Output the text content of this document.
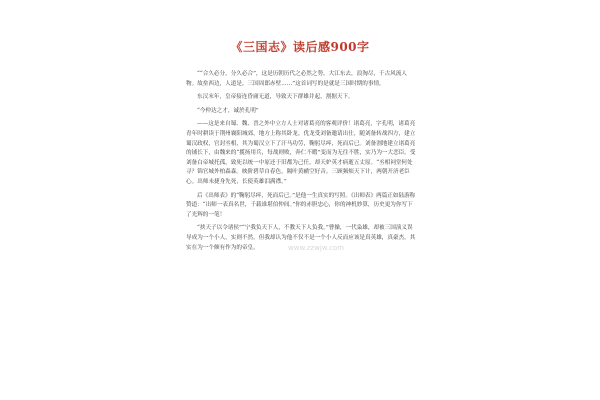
《三国志》读后感900字

““合久必分，分久必合”，这是历朝历代之必然之势。大江东去，浪淘尽，千古风流人物。故垒西边，人道是，三国周郎赤壁……”这首词写的是就是三国时期的事情。

东汉末年，皇帝接连昏庸无道，导致天下群雄并起，割据天下。

“今仲达之才，诚於孔明”

——这是来自蜀、魏、晋之外中立方人士对诸葛亮的客观评价！诸葛亮，字孔明，诸葛亮青年时耕读于荆州襄阳城郊，地方上称其卧龙。优龙受刘备邀请出仕，随刘备转战四方，建立蜀汉政权，官封丞相，其为蜀汉立下了汗马功劳，鞠躬尽瘁，死而后已。刘备割地建立诸葛亮的铺长下，由魏来的“揽扬用兵，每战则败，奔仁不暇”变而为无往不胜，实乃为一大恋臣。受刘备白帝城托孤，致死以统一中原还于旧都为己任，却天妒英才病逝五丈原。“丞相祠堂何处寻？锦官城外柏森森。映阶碧草自春色，隔叶黄鹂空好音。三顾频烦天下计，两朝开济老臣心。出师未捷身先死，长使英雄泪满襟。”

后《出师表》的“鞠躬尽瘁，死而后已。”是他一生真实的写照。《出师表》两篇正如陆游称赞道：“出师一表真名世，千载谁堪伯仲间。”你的赤胆忠心，你的神机妙算，历史更为你写下了光辉的一笔！

“挟天子以令诸侯”“宁我负天下人，不教天下人负我。”曹操，一代枭雄，却被三国演义误导成为一个小人，实则不然。但我却认为他不仅不是一个小人反而应该是真英雄，真豪杰。其实在为一个颇有作为的帝皇。	www.zzwjw.com
